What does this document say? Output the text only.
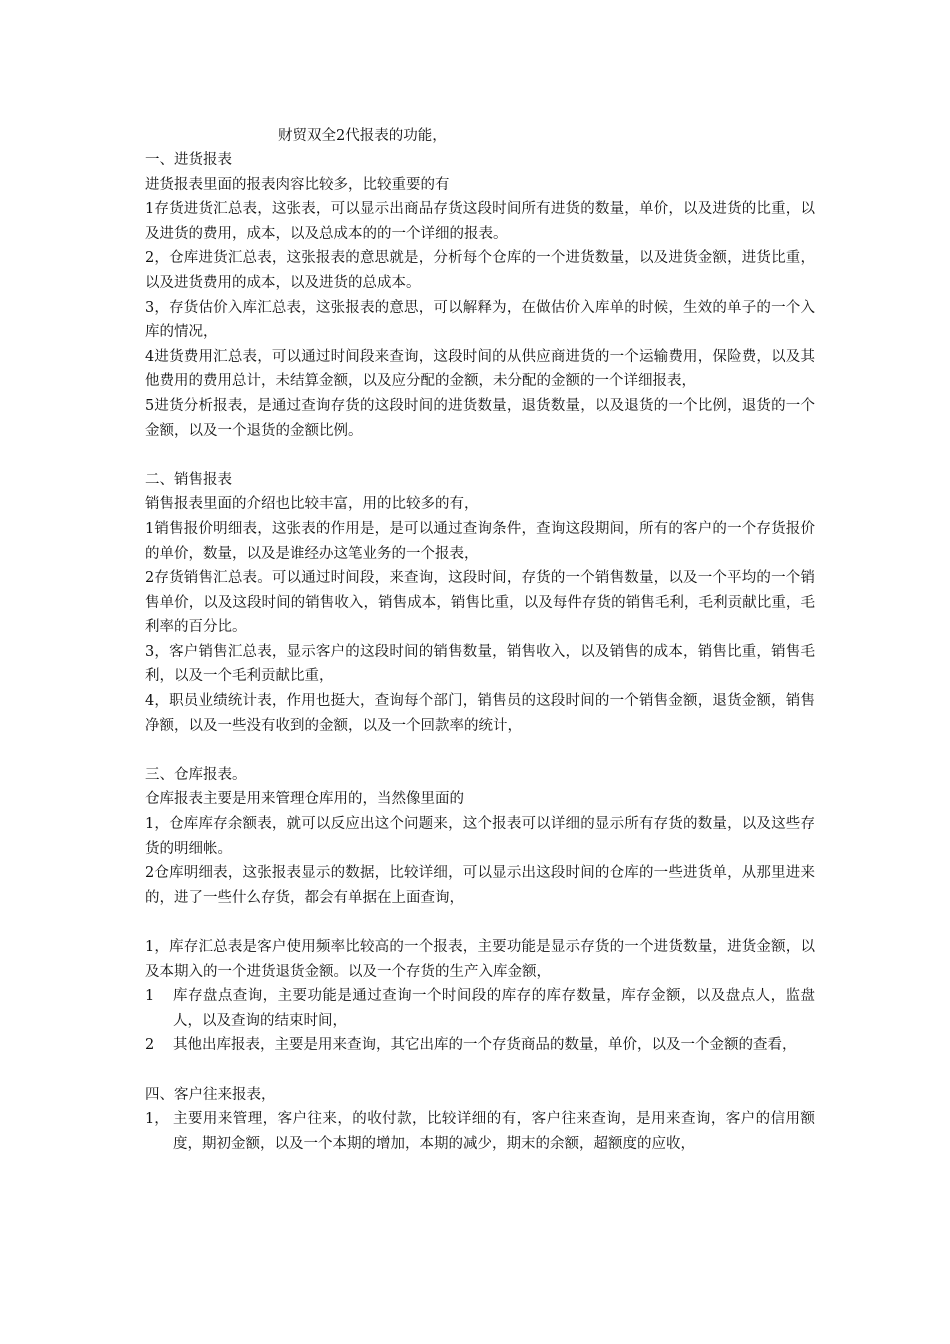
财贸双全2代报表的功能，

一、进货报表

进货报表里面的报表肉容比较多，比较重要的有

1存货进货汇总表，这张表，可以显示出商品存货这段时间所有进货的数量，单价，以及进货的比重，以及进货的费用，成本，以及总成本的的一个详细的报表。

2，仓库进货汇总表，这张报表的意思就是，分析每个仓库的一个进货数量，以及进货金额，进货比重，以及进货费用的成本，以及进货的总成本。

3，存货估价入库汇总表，这张报表的意思，可以解释为，在做估价入库单的时候，生效的单子的一个入库的情况，

4进货费用汇总表，可以通过时间段来查询，这段时间的从供应商进货的一个运输费用，保险费，以及其他费用的费用总计，未结算金额，以及应分配的金额，未分配的金额的一个详细报表，

5进货分析报表，是通过查询存货的这段时间的进货数量，退货数量，以及退货的一个比例，退货的一个金额，以及一个退货的金额比例。

二、销售报表

销售报表里面的介绍也比较丰富，用的比较多的有，

1销售报价明细表，这张表的作用是，是可以通过查询条件，查询这段期间，所有的客户的一个存货报价的单价，数量，以及是谁经办这笔业务的一个报表，

2存货销售汇总表。可以通过时间段，来查询，这段时间，存货的一个销售数量，以及一个平均的一个销售单价，以及这段时间的销售收入，销售成本，销售比重，以及每件存货的销售毛利，毛利贡献比重，毛利率的百分比。

3，客户销售汇总表，显示客户的这段时间的销售数量，销售收入，以及销售的成本，销售比重，销售毛利，以及一个毛利贡献比重，

4，职员业绩统计表，作用也挺大，查询每个部门，销售员的这段时间的一个销售金额，退货金额，销售净额，以及一些没有收到的金额，以及一个回款率的统计，

三、仓库报表。

仓库报表主要是用来管理仓库用的，当然像里面的

1，仓库库存余额表，就可以反应出这个问题来，这个报表可以详细的显示所有存货的数量，以及这些存货的明细帐。

2仓库明细表，这张报表显示的数据，比较详细，可以显示出这段时间的仓库的一些进货单，从那里进来的，进了一些什么存货，都会有单据在上面查询，

1，库存汇总表是客户使用频率比较高的一个报表，主要功能是显示存货的一个进货数量，进货金额，以及本期入的一个进货退货金额。以及一个存货的生产入库金额，

1 库存盘点查询，主要功能是通过查询一个时间段的库存的库存数量，库存金额，以及盘点人，监盘人，以及查询的结束时间，
2 其他出库报表，主要是用来查询，其它出库的一个存货商品的数量，单价，以及一个金额的查看，

四、客户往来报表，

1， 主要用来管理，客户往来，的收付款，比较详细的有，客户往来查询，是用来查询，客户的信用额度，期初金额，以及一个本期的增加，本期的减少，期末的余额，超额度的应收，
